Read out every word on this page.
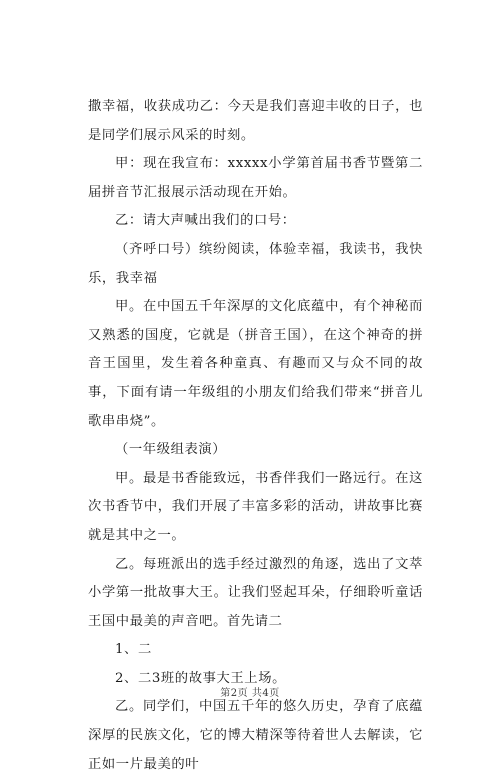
撒幸福，收获成功乙：今天是我们喜迎丰收的日子，也是同学们展示风采的时刻。

甲：现在我宣布：xxxxx小学第首届书香节暨第二届拼音节汇报展示活动现在开始。

乙：请大声喊出我们的口号：

（齐呼口号）缤纷阅读，体验幸福，我读书，我快乐，我幸福

甲。在中国五千年深厚的文化底蕴中，有个神秘而又熟悉的国度，它就是（拼音王国），在这个神奇的拼音王国里，发生着各种童真、有趣而又与众不同的故事，下面有请一年级组的小朋友们给我们带来“拼音儿歌串串烧”。

（一年级组表演）

甲。最是书香能致远，书香伴我们一路远行。在这次书香节中，我们开展了丰富多彩的活动，讲故事比赛就是其中之一。

乙。每班派出的选手经过激烈的角逐，选出了文萃小学第一批故事大王。让我们竖起耳朵，仔细聆听童话王国中最美的声音吧。首先请二

1、二

2、二3班的故事大王上场。

乙。同学们，中国五千年的悠久历史，孕育了底蕴深厚的民族文化，它的博大精深等待着世人去解读，它正如一片最美的叶

第2页 共4页
